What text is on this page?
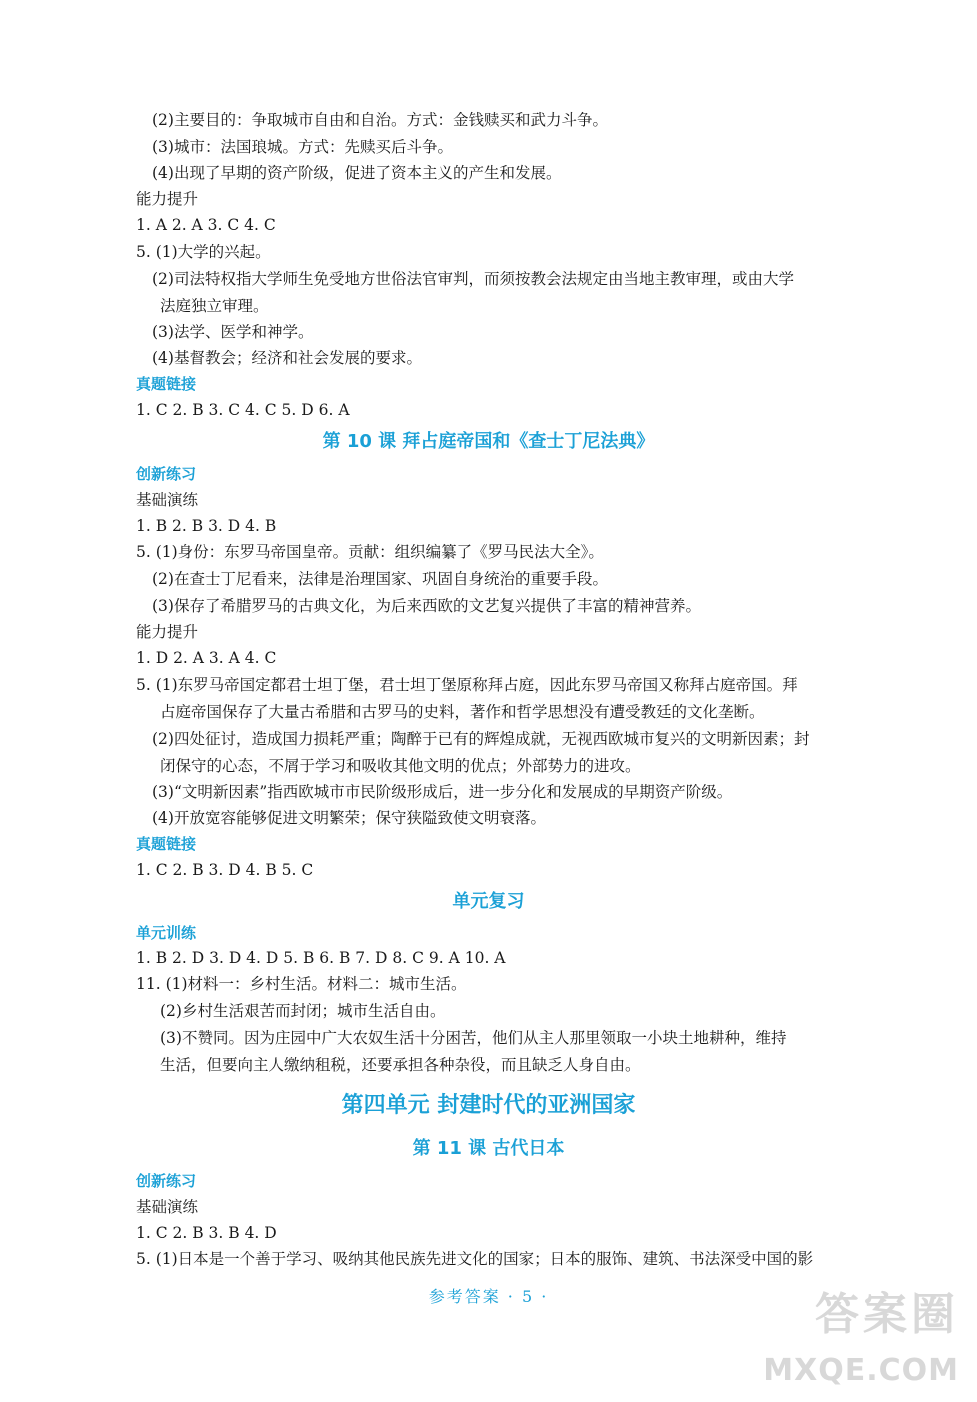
(2)主要目的：争取城市自由和自治。方式：金钱赎买和武力斗争。
(3)城市：法国琅城。方式：先赎买后斗争。
(4)出现了早期的资产阶级，促进了资本主义的产生和发展。
能力提升
1. A 2. A 3. C 4. C
5. (1)大学的兴起。
(2)司法特权指大学师生免受地方世俗法官审判，而须按教会法规定由当地主教审理，或由大学
法庭独立审理。
(3)法学、医学和神学。
(4)基督教会；经济和社会发展的要求。
真题链接
1. C 2. B 3. C 4. C 5. D 6. A
第 10 课 拜占庭帝国和《查士丁尼法典》
创新练习
基础演练
1. B 2. B 3. D 4. B
5. (1)身份：东罗马帝国皇帝。贡献：组织编纂了《罗马民法大全》。
(2)在查士丁尼看来，法律是治理国家、巩固自身统治的重要手段。
(3)保存了希腊罗马的古典文化，为后来西欧的文艺复兴提供了丰富的精神营养。
能力提升
1. D 2. A 3. A 4. C
5. (1)东罗马帝国定都君士坦丁堡，君士坦丁堡原称拜占庭，因此东罗马帝国又称拜占庭帝国。拜
占庭帝国保存了大量古希腊和古罗马的史料，著作和哲学思想没有遭受教廷的文化垄断。
(2)四处征讨，造成国力损耗严重；陶醉于已有的辉煌成就，无视西欧城市复兴的文明新因素；封
闭保守的心态，不屑于学习和吸收其他文明的优点；外部势力的进攻。
(3)“文明新因素”指西欧城市市民阶级形成后，进一步分化和发展成的早期资产阶级。
(4)开放宽容能够促进文明繁荣；保守狭隘致使文明衰落。
真题链接
1. C 2. B 3. D 4. B 5. C
单元复习
单元训练
1. B 2. D 3. D 4. D 5. B 6. B 7. D 8. C 9. A 10. A
11. (1)材料一：乡村生活。材料二：城市生活。
(2)乡村生活艰苦而封闭；城市生活自由。
(3)不赞同。因为庄园中广大农奴生活十分困苦，他们从主人那里领取一小块土地耕种，维持
生活，但要向主人缴纳租税，还要承担各种杂役，而且缺乏人身自由。
第四单元 封建时代的亚洲国家
第 11 课 古代日本
创新练习
基础演练
1. C 2. B 3. B 4. D
5. (1)日本是一个善于学习、吸纳其他民族先进文化的国家；日本的服饰、建筑、书法深受中国的影
参考答案 · 5 ·	答案圈
MXQE.COM
